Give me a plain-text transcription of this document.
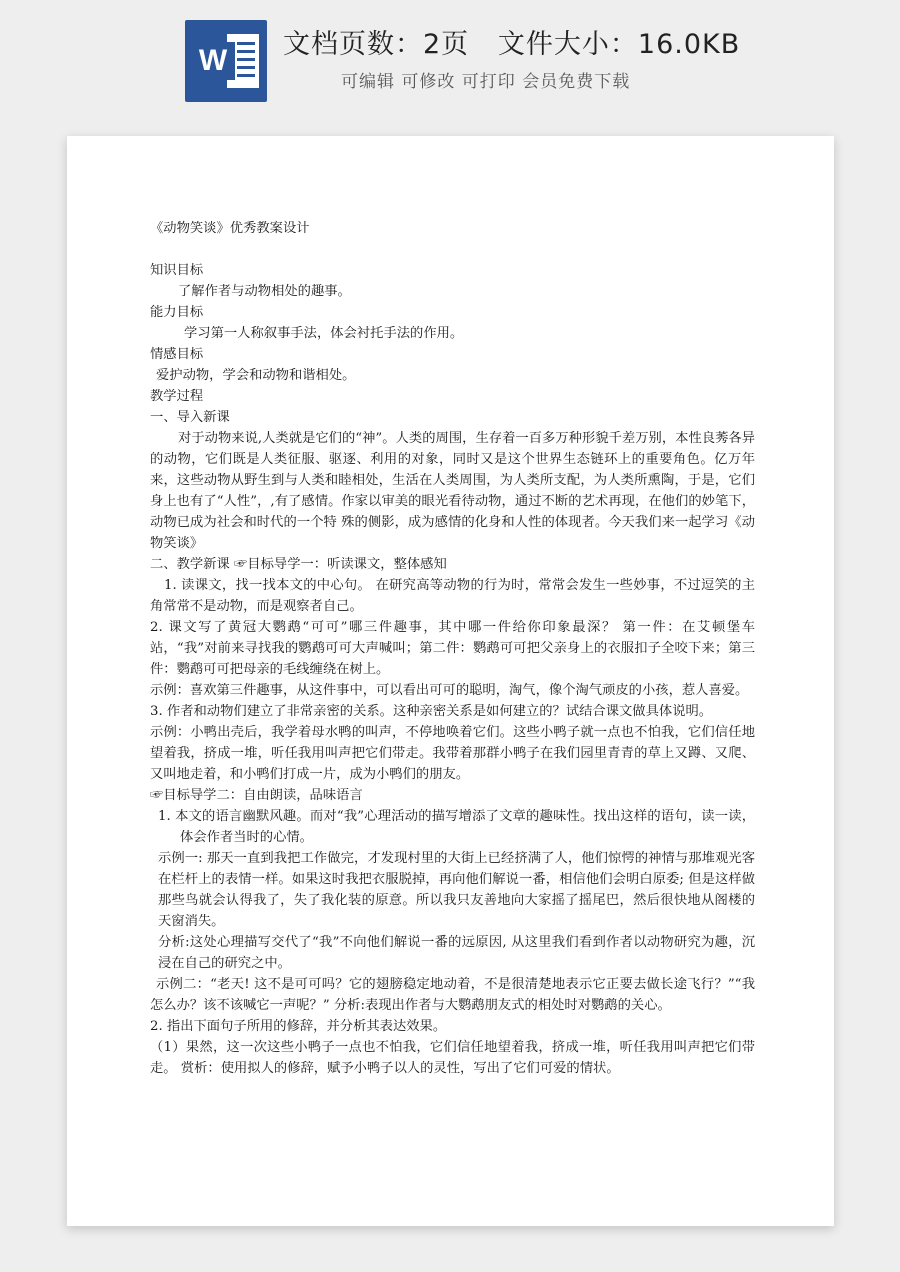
W 文档页数：2页   文件大小：16.0KB
可编辑 可修改 可打印 会员免费下载

《动物笑谈》优秀教案设计

知识目标

了解作者与动物相处的趣事。

能力目标

学习第一人称叙事手法，体会衬托手法的作用。

情感目标

爱护动物，学会和动物和谐相处。

教学过程

一、导入新课

对于动物来说,人类就是它们的“神”。人类的周围，生存着一百多万种形貌千差万别，本性良莠各异的动物，它们既是人类征服、驱逐、利用的对象，同时又是这个世界生态链环上的重要角色。亿万年来，这些动物从野生到与人类和睦相处，生活在人类周围，为人类所支配，为人类所熏陶，于是，它们身上也有了“人性”，,有了感情。作家以审美的眼光看待动物，通过不断的艺术再现，在他们的妙笔下，动物已成为社会和时代的一个特 殊的侧影，成为感情的化身和人性的体现者。今天我们来一起学习《动物笑谈》

二、教学新课 ☞目标导学一：听读课文，整体感知

1. 读课文，找一找本文的中心句。 在研究高等动物的行为时，常常会发生一些妙事，不过逗笑的主角常常不是动物，而是观察者自己。

2. 课文写了黄冠大鹦鹉“可可”哪三件趣事，其中哪一件给你印象最深？ 第一件：在艾顿堡车站，“我”对前来寻找我的鹦鹉可可大声喊叫；第二件：鹦鹉可可把父亲身上的衣服扣子全咬下来；第三件：鹦鹉可可把母亲的毛线缠绕在树上。

示例：喜欢第三件趣事，从这件事中，可以看出可可的聪明，淘气，像个淘气顽皮的小孩，惹人喜爱。

3. 作者和动物们建立了非常亲密的关系。这种亲密关系是如何建立的？试结合课文做具体说明。

示例：小鸭出壳后，我学着母水鸭的叫声，不停地唤着它们。这些小鸭子就一点也不怕我，它们信任地望着我，挤成一堆，听任我用叫声把它们带走。我带着那群小鸭子在我们园里青青的草上又蹲、又爬、又叫地走着，和小鸭们打成一片，成为小鸭们的朋友。

☞目标导学二：自由朗读，品味语言

1. 本文的语言幽默风趣。而对“我”心理活动的描写增添了文章的趣味性。找出这样的语句，读一读，体会作者当时的心情。

示例一: 那天一直到我把工作做完，才发现村里的大街上已经挤满了人，他们惊愕的神情与那堆观光客在栏杆上的表情一样。如果这时我把衣服脱掉，再向他们解说一番，相信他们会明白原委; 但是这样做那些鸟就会认得我了，失了我化装的原意。所以我只友善地向大家摇了摇尾巴，然后很快地从阁楼的天窗消失。

分析:这处心理描写交代了“我”不向他们解说一番的远原因, 从这里我们看到作者以动物研究为趣，沉浸在自己的研究之中。

示例二：“老天! 这不是可可吗？它的翅膀稳定地动着，不是很清楚地表示它正要去做长途飞行？”“我怎么办？该不该喊它一声呢？” 分析:表现出作者与大鹦鹉朋友式的相处时对鹦鹉的关心。

2. 指出下面句子所用的修辞，并分析其表达效果。

（1）果然，这一次这些小鸭子一点也不怕我，它们信任地望着我，挤成一堆，听任我用叫声把它们带走。 赏析：使用拟人的修辞，赋予小鸭子以人的灵性，写出了它们可爱的情状。
